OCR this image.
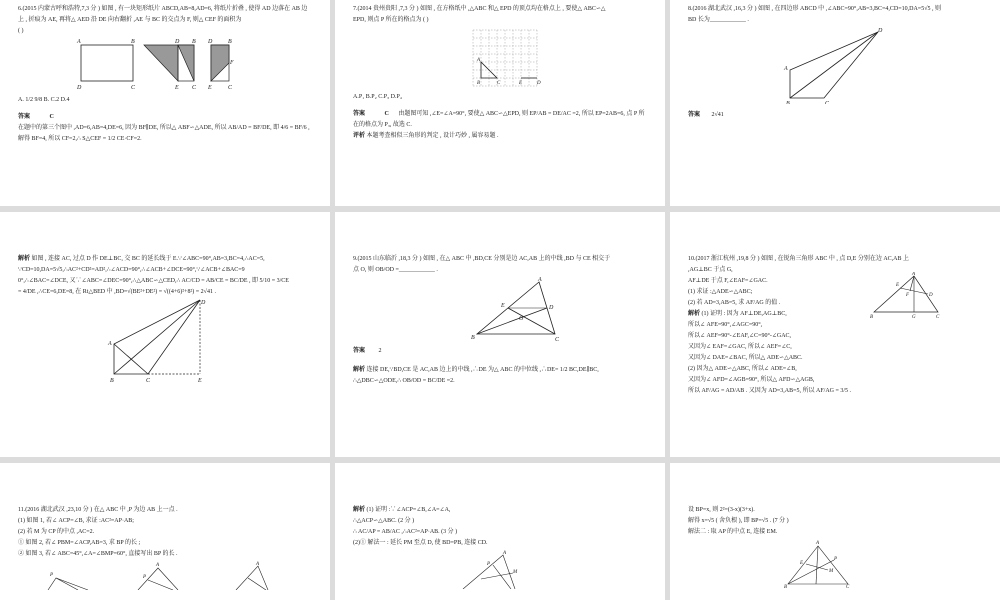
6.(2015 内蒙古呼和浩特,7,3 分 ) 如图 , 有一块矩形纸片 ABCD,AB=8,AD=6, 将纸片折叠 , 使得 AD 边落在 AB 边上 , 折痕为 AE, 再将△ AED 沿 DE 向右翻折 ,AE 与 BC 的交点为 F, 则△ CEF 的面积为

( )

A	B
D	C
D B
E C
D	B
E	C
F

A. 1/2 9/8 B. C.2 D.4

答案	C

在题中的第三个图中 ,AD=6,AB=4,DE=6, 因为 BF∥DE, 所以△ ABF∽△ADE, 所以 AB/AD = BF/DE, 即 4/6 = BF/6 , 解得 BF=4, 所以 CF=2,∴ S△CEF = 1/2 CE·CF=2.

7.(2014 贵州贵阳 ,7,3 分 ) 如图 , 在方格纸中 ,△ABC 和△ EPD 的顶点均在格点上 , 要使△ ABC∽△

EPD, 则点 P 所在的格点为 ( )

A
B	C	E	D

A.P₁ B.P₂ C.P₃ D.P₄

答案	C 由题图可知 ,∠E=∠A=90°, 要使△ ABC∽△EPD, 则 EP/AB = DE/AC =2, 所以 EP=2AB=6, 点 P 所在的格点为 P₃, 故选 C.

评析 本题考查相似三角形的判定 , 设计巧妙 , 属容易题 .

8.(2016 湖北武汉 ,16,3 分 ) 如图 , 在四边形 ABCD 中 ,∠ABC=90°,AB=3,BC=4,CD=10,DA=5√5 , 则

BD 长为____________ .

A
B	C
D

答案 2√41

解析 如图 , 连接 AC, 过点 D 作 DE⊥BC, 交 BC 的延长线于 E.∵∠ABC=90°,AB=3,BC=4,∴AC=5,

∵CD=10,DA=5√5,∴AC²+CD²=AD²,∴∠ACD=90°,∴∠ACB+∠DCE=90°,∵∠ACB+∠BAC=9

0°,∴∠BAC=∠DCE, 又∵∠ABC=∠DEC=90°,∴△ABC∽△CED,∴ AC/CD = AB/CE = BC/DE , 即 5/10 = 3/CE

= 4/DE ,∴CE=6,DE=8, 在 Rt△BED 中 ,BD=√(BE²+DE²) = √((4+6)²+8²) = 2√41 .

A
B	C
D
E

9.(2015 山东临沂 ,18,3 分 ) 如图 , 在△ ABC 中 ,BD,CE 分别是边 AC,AB 上的中线 ,BD 与 CE 相交于

点 O, 则 OB/OD =____________ .

A
B	C
D
E
O

答案 2

解析 连接 DE,∵BD,CE 是 AC,AB 边上的中线 ,∴DE 为△ ABC 的中位线 ,∴DE= 1/2 BC,DE∥BC,

∴△DBC∽△ODE,∴ OB/OD = BC/DE =2.

A
B	C
E
D
G
F

10.(2017 浙江杭州 ,19,8 分 ) 如图 , 在锐角三角形 ABC 中 , 点 D,E 分别在边 AC,AB 上 ,AG⊥BC 于点 G,

AF⊥DE 于点 F,∠EAF=∠GAC.

(1) 求证 :△ADE∽△ABC;

(2) 若 AD=3,AB=5, 求 AF/AG 的值 .

解析 (1) 证明 : 因为 AF⊥DE,AG⊥BC,

所以∠ AFE=90°,∠AGC=90°,

所以∠ AEF=90°-∠EAF,∠C=90°-∠GAC,

又因为∠ EAF=∠GAC, 所以∠ AEF=∠C,

又因为∠ DAE=∠BAC, 所以△ ADE∽△ABC.

(2) 因为△ ADE∽△ABC, 所以∠ ADE=∠B,

又因为∠ AFD=∠AGB=90°, 所以△ AFD∽△AGB,

所以 AF/AG = AD/AB . 又因为 AD=3,AB=5, 所以 AF/AG = 3/5 .

11.(2016 湖北武汉 ,23,10 分 ) 在△ ABC 中 ,P 为边 AB 上一点 .

(1) 如图 1, 若∠ ACP=∠B, 求证 :AC²=AP·AB;

(2) 若 M 为 CP 的中点 ,AC=2.

① 如图 2, 若∠ PBM=∠ACP,AB=3, 求 BP 的长 ;

② 如图 3, 若∠ ABC=45°,∠A=∠BMP=60°, 直接写出 BP 的长 .

P
A
P
A

解析 (1) 证明 :∵∠ACP=∠B,∠A=∠A,

∴△ACP∽△ABC. (2 分 )

∴ AC/AP = AB/AC ,∴AC²=AP·AB. (3 分 )

(2)① 解法一 : 延长 PM 至点 D, 使 BD=PB, 连接 CD.

A
P
M

设 BP=x, 则 2²=(3-x)(3+x).

解得 x=√5 ( 舍负根 ), 即 BP=√5 . (7 分 )

解法二 : 取 AP 的中点 E, 连接 EM.

A
B	C
E
M
P
